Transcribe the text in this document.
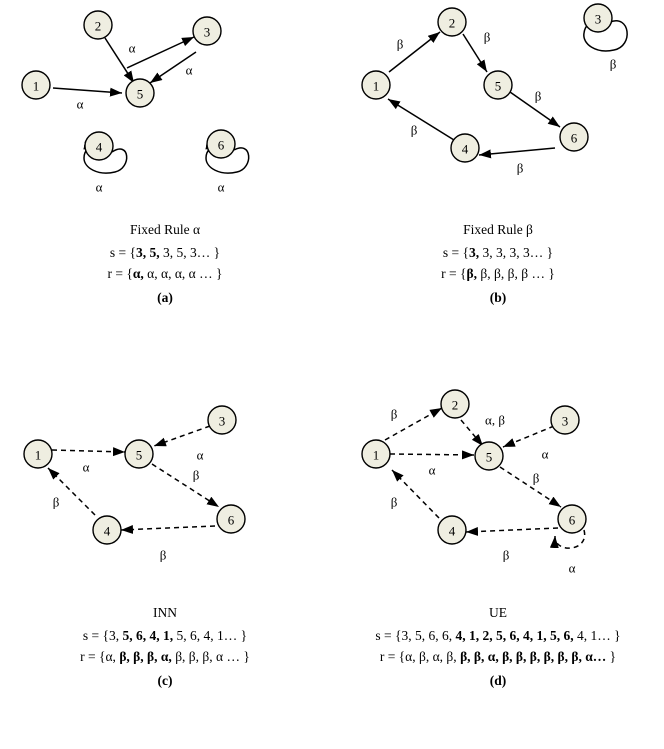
1
2	3
4
5
6
α
α
α
α	α
Fixed Rule α
s = {3, 5, 3, 5, 3… }
r = {α, α, α, α, α … }
(a)
1
2	3
4
5
6
β	β
β
β
β
β
Fixed Rule β
s = {3, 3, 3, 3, 3… }
r = {β, β, β, β, β … }
(b)
1
3
4
5
6
α
α
β
β
β
INN
s = {3, 5, 6, 4, 1, 5, 6, 4, 1… }
r = {α, β, β, β, α, β, β, β, α … }
(c)
1
2
3
4
5
6
β	α, β
α
α
β
β
β
α
UE
s = {3, 5, 6, 6, 4, 1, 2, 5, 6, 4, 1, 5, 6, 4, 1… }
r = {α, β, α, β, β, β, α, β, β, β, β, β, β, α… }
(d)
